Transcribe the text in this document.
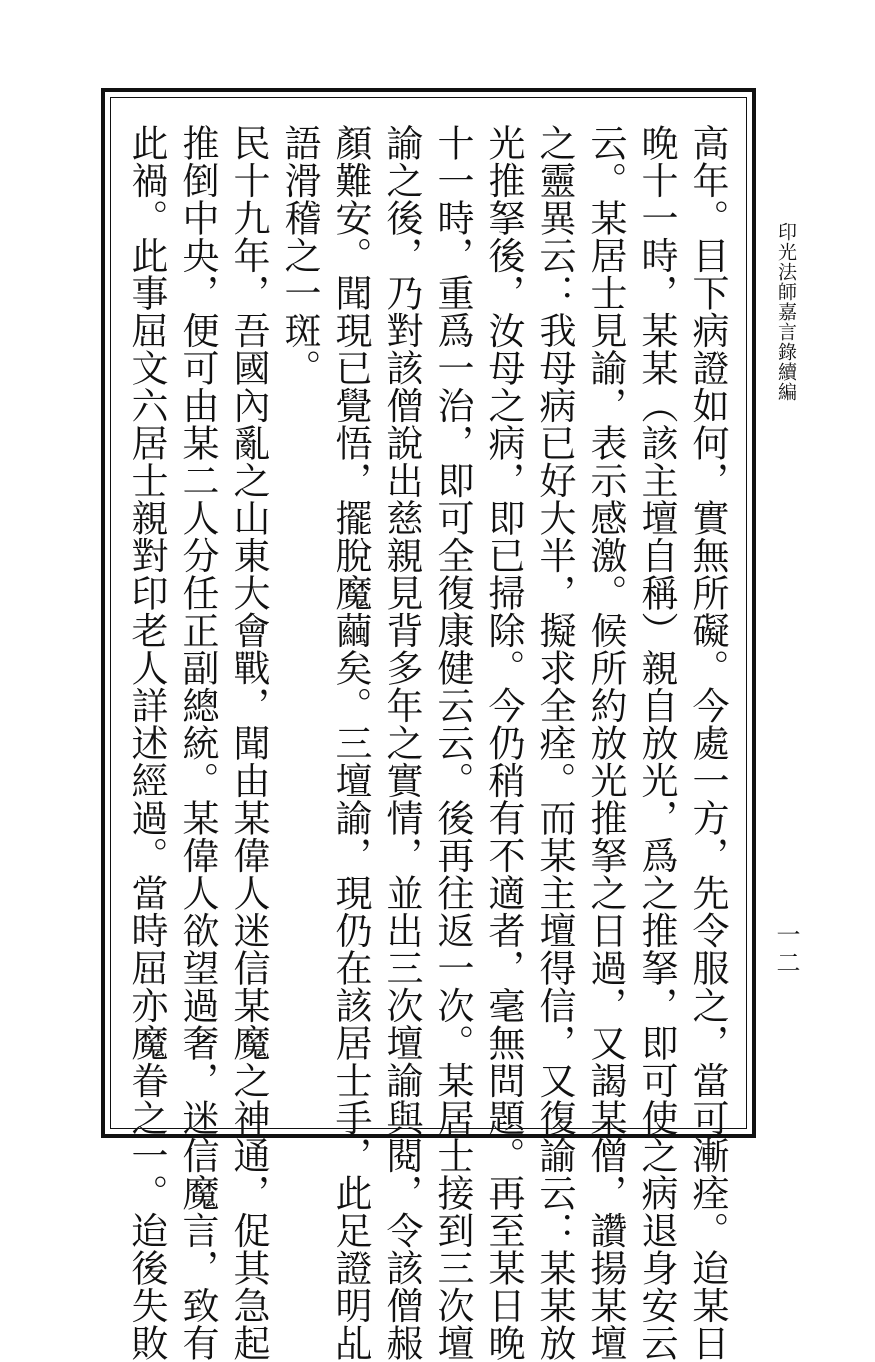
印光法師嘉言錄續編
一二
高年。目下病證如何，實無所礙。今處一方，先令服之，當可漸痊。迨某日
晚十一時，某某︵該主壇自稱︶親自放光，爲之推拏，即可使之病退身安云
云。某居士見諭，表示感激。候所約放光推拏之日過，又謁某僧，讚揚某壇
之靈異云：我母病已好大半，擬求全痊。而某主壇得信，又復諭云：某某放
光推拏後，汝母之病，即已掃除。今仍稍有不適者，毫無問題。再至某日晚
十一時，重爲一治，即可全復康健云云。後再往返一次。某居士接到三次壇
諭之後，乃對該僧說出慈親見背多年之實情，並出三次壇諭與閱，令該僧赧
顏難安。聞現已覺悟，擺脫魔繭矣。三壇諭，現仍在該居士手，此足證明乩
語滑稽之一斑。
民十九年，吾國內亂之山東大會戰，聞由某偉人迷信某魔之神通，促其急起
推倒中央，便可由某二人分任正副總統。某偉人欲望過奢，迷信魔言，致有
此禍。此事屈文六居士親對印老人詳述經過。當時屈亦魔眷之一。迨後失敗
